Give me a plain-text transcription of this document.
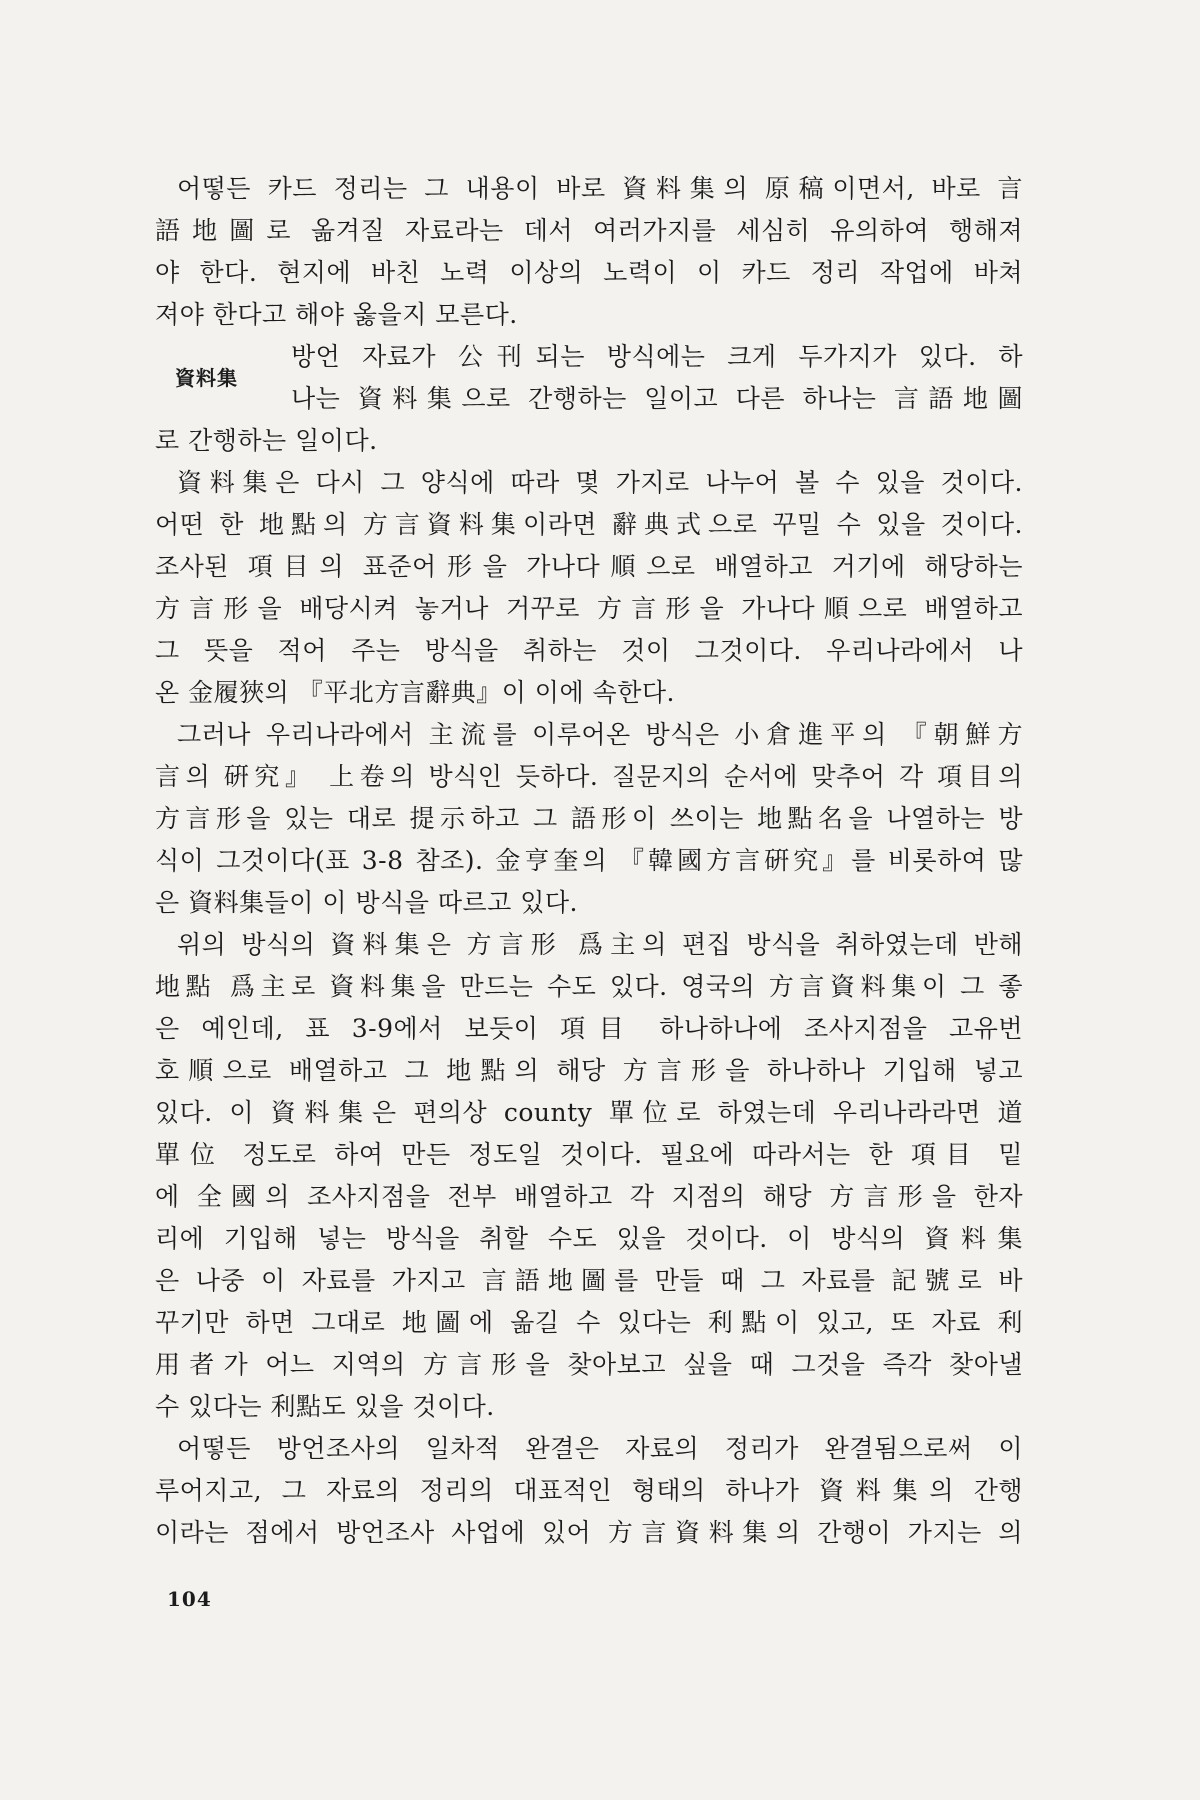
어떻든 카드 정리는 그 내용이 바로 資料集의 原稿이면서, 바로 言
語地圖로 옮겨질 자료라는 데서 여러가지를 세심히 유의하여 행해져
야 한다. 현지에 바친 노력 이상의 노력이 이 카드 정리 작업에 바쳐
져야 한다고 해야 옳을지 모른다.
資料集
방언 자료가 公刊되는 방식에는 크게 두가지가 있다. 하
나는 資料集으로 간행하는 일이고 다른 하나는 言語地圖
로 간행하는 일이다.
資料集은 다시 그 양식에 따라 몇 가지로 나누어 볼 수 있을 것이다.
어떤 한 地點의 方言資料集이라면 辭典式으로 꾸밀 수 있을 것이다.
조사된 項目의 표준어形을 가나다順으로 배열하고 거기에 해당하는
方言形을 배당시켜 놓거나 거꾸로 方言形을 가나다順으로 배열하고
그 뜻을 적어 주는 방식을 취하는 것이 그것이다. 우리나라에서 나
온 金履狹의 『平北方言辭典』이 이에 속한다.
그러나 우리나라에서 主流를 이루어온 방식은 小倉進平의 『朝鮮方
言의 硏究』 上卷의 방식인 듯하다. 질문지의 순서에 맞추어 각 項目의
方言形을 있는 대로 提示하고 그 語形이 쓰이는 地點名을 나열하는 방
식이 그것이다(표 3-8 참조). 金亨奎의 『韓國方言硏究』를 비롯하여 많
은 資料集들이 이 방식을 따르고 있다.
위의 방식의 資料集은 方言形 爲主의 편집 방식을 취하였는데 반해
地點 爲主로 資料集을 만드는 수도 있다. 영국의 方言資料集이 그 좋
은 예인데, 표 3-9에서 보듯이 項目 하나하나에 조사지점을 고유번
호順으로 배열하고 그 地點의 해당 方言形을 하나하나 기입해 넣고
있다. 이 資料集은 편의상 county 單位로 하였는데 우리나라라면 道
單位 정도로 하여 만든 정도일 것이다. 필요에 따라서는 한 項目 밑
에 全國의 조사지점을 전부 배열하고 각 지점의 해당 方言形을 한자
리에 기입해 넣는 방식을 취할 수도 있을 것이다. 이 방식의 資料集
은 나중 이 자료를 가지고 言語地圖를 만들 때 그 자료를 記號로 바
꾸기만 하면 그대로 地圖에 옮길 수 있다는 利點이 있고, 또 자료 利
用者가 어느 지역의 方言形을 찾아보고 싶을 때 그것을 즉각 찾아낼
수 있다는 利點도 있을 것이다.
어떻든 방언조사의 일차적 완결은 자료의 정리가 완결됨으로써 이
루어지고, 그 자료의 정리의 대표적인 형태의 하나가 資料集의 간행
이라는 점에서 방언조사 사업에 있어 方言資料集의 간행이 가지는 의
104
